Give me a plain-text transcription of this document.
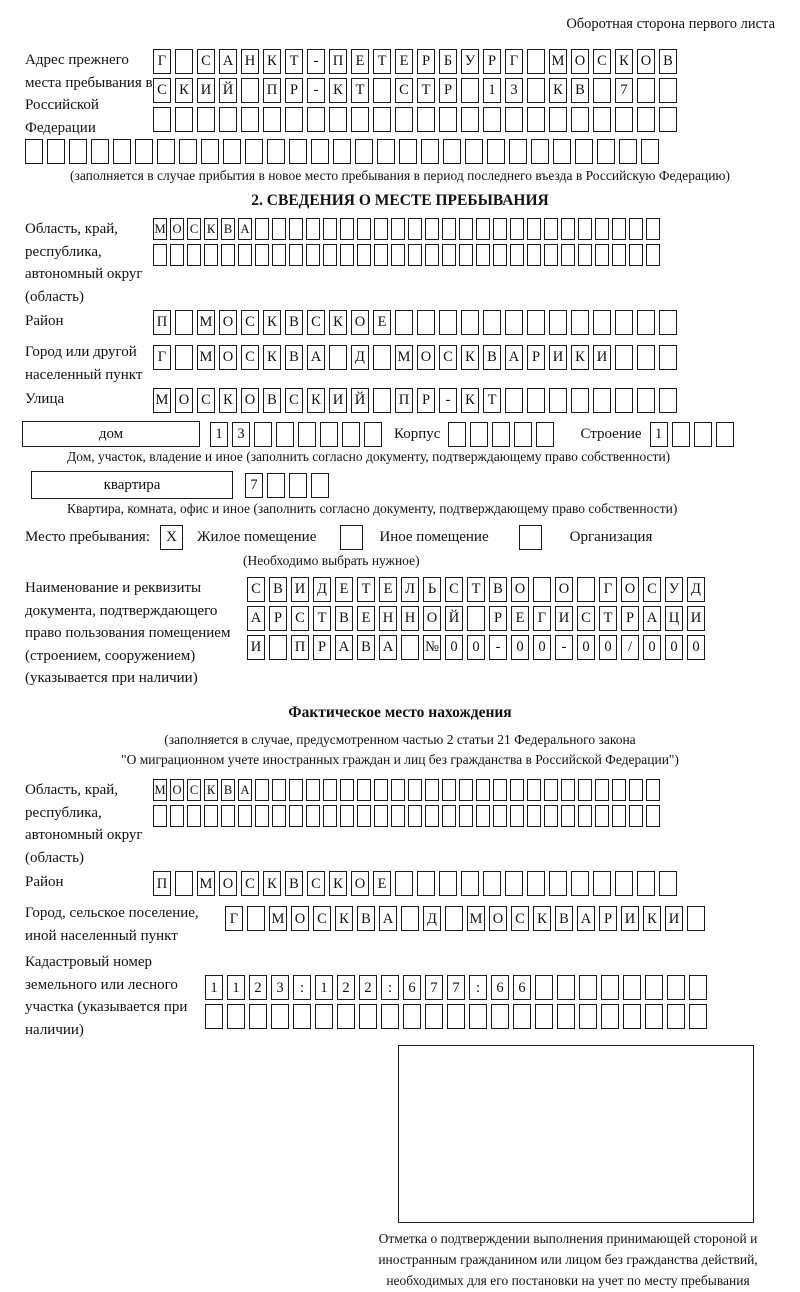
Оборотная сторона первого листа
Адрес прежнего места пребывания в Российской Федерации
Г	С А Н К Т	- П Е Т Е Р Б У Р Г	М О С К О В
С К И Й П Р	-	К Т	С Т Р	1	3	К В	7
(заполняется в случае прибытия в новое место пребывания в период последнего въезда в Российскую Федерацию)
2. СВЕДЕНИЯ О МЕСТЕ ПРЕБЫВАНИЯ
Область, край, республика, автономный округ (область)
М О С К В А
Район	П М О С К В С К О Е
Город или другой населенный пункт
Г	М О С К В А Д М О С К В А Р И К И
Улица	М О С К О В С К И Й П Р	-	К Т
дом	1	3	Корпус	Строение 1
Дом, участок, владение и иное (заполнить согласно документу, подтверждающему право собственности)
квартира	7
Квартира, комната, офис и иное (заполнить согласно документу, подтверждающему право собственности)
Место пребывания:	X	Жилое помещение	Иное помещение	Организация
(Необходимо выбрать нужное)
Наименование и реквизиты документа, подтверждающего право пользования помещением (строением, сооружением) (указывается при наличии)
С В И Д Е Т Е Л Ь С Т В О О	Г О С У Д
А Р С Т В Е Н Н О Й	Р Е Г И С Т Р А Ц И
И П Р А В А № 0	0	-	0	0	-	0	0	/	0	0	0
Фактическое место нахождения
(заполняется в случае, предусмотренном частью 2 статьи 21 Федерального закона
"О миграционном учете иностранных граждан и лиц без гражданства в Российской Федерации")
Область, край, республика, автономный округ (область)
М О С К В А
Район	П М О С К В С К О Е
Город, сельское поселение, иной населенный пункт
Г	М О С К В А Д М О С К В А Р И К И
Кадастровый номер земельного или лесного участка (указывается при наличии)
1	1	2	3	:	1	2	2	:	6	7	7	:	6	6
Отметка о подтверждении выполнения принимающей стороной и иностранным гражданином или лицом без гражданства действий, необходимых для его постановки на учет по месту пребывания
